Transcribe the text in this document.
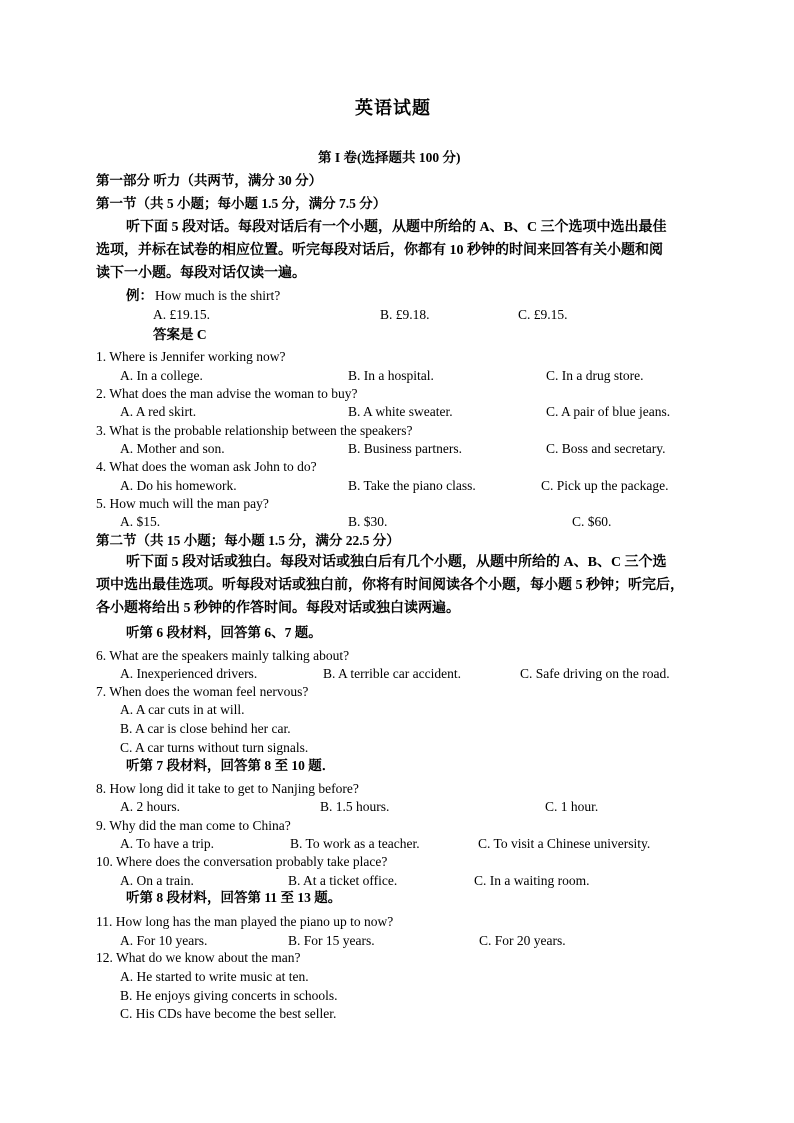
英语试题
第 I 卷(选择题共 100 分)
第一部分 听力（共两节，满分 30 分）
第一节（共 5 小题；每小题 1.5 分，满分 7.5 分）
听下面 5 段对话。每段对话后有一个小题，从题中所给的 A、B、C 三个选项中选出最佳
选项，并标在试卷的相应位置。听完每段对话后，你都有 10 秒钟的时间来回答有关小题和阅
读下一小题。每段对话仅读一遍。
例： How much is the shirt?
A. £19.15.	B. £9.18.	C. £9.15.
答案是 C
1. Where is Jennifer working now?
A. In a college.	B. In a hospital.	C. In a drug store.
2. What does the man advise the woman to buy?
A. A red skirt.	B. A white sweater.	C. A pair of blue jeans.
3. What is the probable relationship between the speakers?
A. Mother and son.	B. Business partners.	C. Boss and secretary.
4. What does the woman ask John to do?
A. Do his homework.	B. Take the piano class.	C. Pick up the package.
5. How much will the man pay?
A. $15.	B. $30.	C. $60.
第二节（共 15 小题；每小题 1.5 分，满分 22.5 分）
听下面 5 段对话或独白。每段对话或独白后有几个小题，从题中所给的 A、B、C 三个选
项中选出最佳选项。听每段对话或独白前，你将有时间阅读各个小题，每小题 5 秒钟；听完后，
各小题将给出 5 秒钟的作答时间。每段对话或独白读两遍。
听第 6 段材料，回答第 6、7 题。
6. What are the speakers mainly talking about?
A. Inexperienced drivers.	B. A terrible car accident.	C. Safe driving on the road.
7. When does the woman feel nervous?
A. A car cuts in at will.
B. A car is close behind her car.
C. A car turns without turn signals.
听第 7 段材料，回答第 8 至 10 题．
8. How long did it take to get to Nanjing before?
A. 2 hours.	B. 1.5 hours.	C. 1 hour.
9. Why did the man come to China?
A. To have a trip.	B. To work as a teacher.	C. To visit a Chinese university.
10. Where does the conversation probably take place?
A. On a train.	B. At a ticket office.	C. In a waiting room.
听第 8 段材料，回答第 11 至 13 题。
11. How long has the man played the piano up to now?
A. For 10 years.	B. For 15 years.	C. For 20 years.
12. What do we know about the man?
A. He started to write music at ten.
B. He enjoys giving concerts in schools.
C. His CDs have become the best seller.
